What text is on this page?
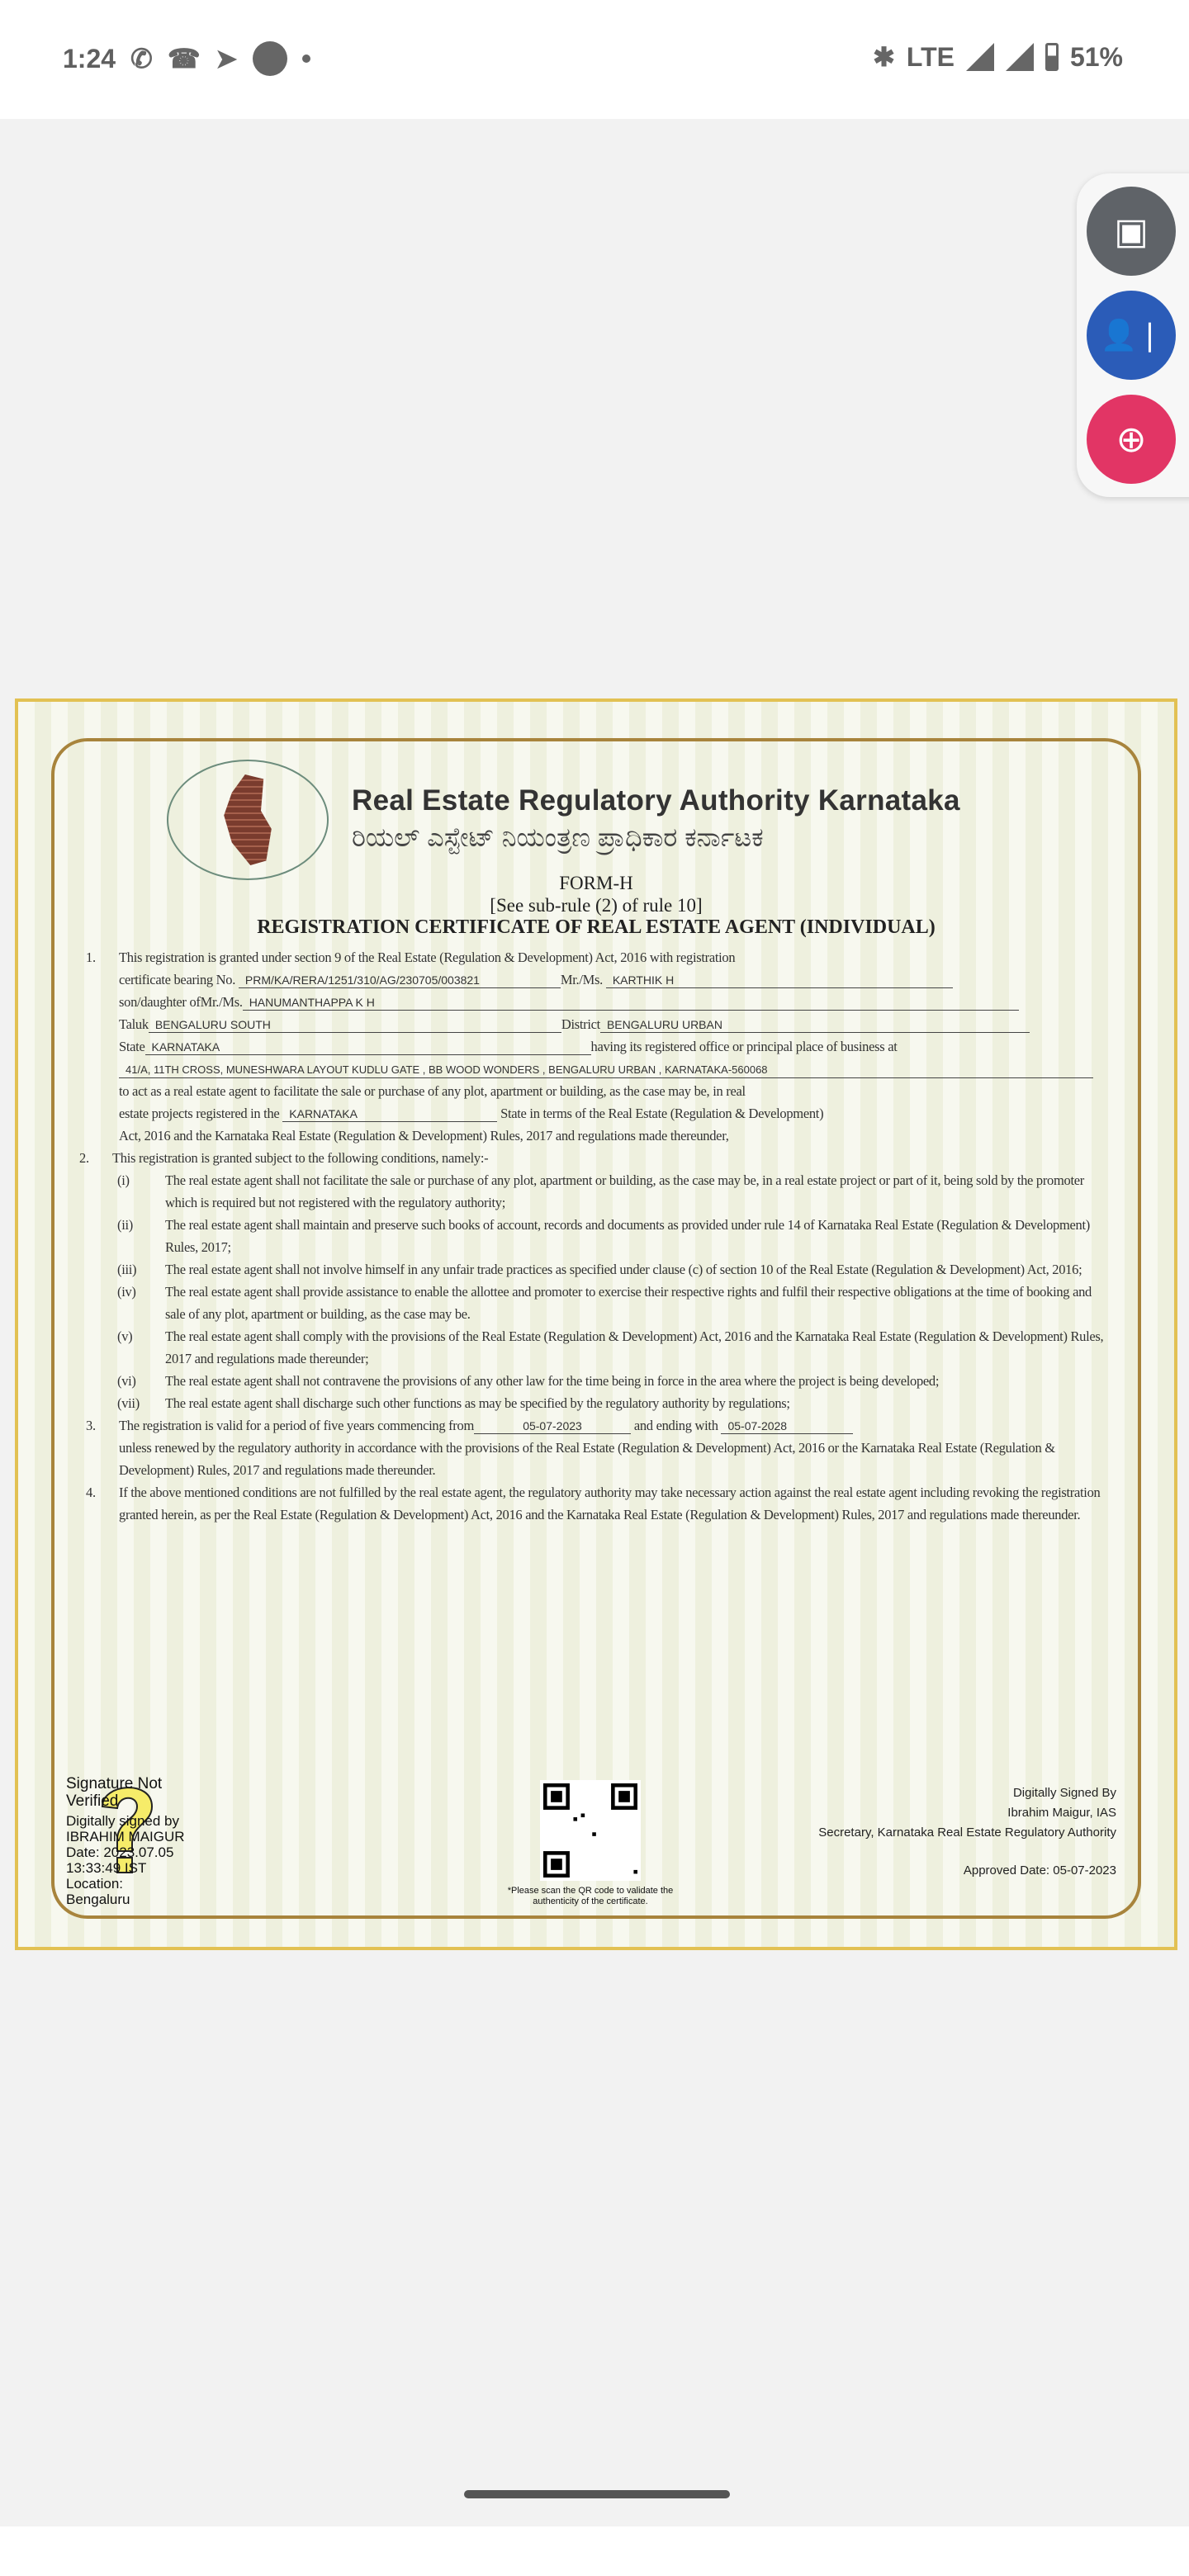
1:24 ✆ ☎ ➤	✱ LTE	51%
▣
👤❘
⊕
Real Estate Regulatory Authority Karnataka
ರಿಯಲ್ ಎಸ್ಟೇಟ್ ನಿಯಂತ್ರಣ ಪ್ರಾಧಿಕಾರ ಕರ್ನಾಟಕ
FORM-H
[See sub-rule (2) of rule 10]
REGISTRATION CERTIFICATE OF REAL ESTATE AGENT (INDIVIDUAL)
1.	This registration is granted under section 9 of the Real Estate (Regulation & Development) Act, 2016 with registration
certificate bearing No. PRM/KA/RERA/1251/310/AG/230705/003821	Mr./Ms. KARTHIK H
son/daughter ofMr./Ms. HANUMANTHAPPA K H
Taluk BENGALURU SOUTH	District BENGALURU URBAN
State KARNATAKA	having its registered office or principal place of business at
41/A, 11TH CROSS, MUNESHWARA LAYOUT KUDLU GATE , BB WOOD WONDERS , BENGALURU URBAN , KARNATAKA-560068
to act as a real estate agent to facilitate the sale or purchase of any plot, apartment or building, as the case may be, in real
estate projects registered in the KARNATAKA	State in terms of the Real Estate (Regulation & Development)
Act, 2016 and the Karnataka Real Estate (Regulation & Development) Rules, 2017 and regulations made thereunder,
2.	This registration is granted subject to the following conditions, namely:-
(i)	The real estate agent shall not facilitate the sale or purchase of any plot, apartment or building, as the case may be, in a real estate project or part of it, being sold by the promoter which is required but not registered with the regulatory authority;
(ii)	The real estate agent shall maintain and preserve such books of account, records and documents as provided under rule 14 of Karnataka Real Estate (Regulation & Development) Rules, 2017;
(iii)	The real estate agent shall not involve himself in any unfair trade practices as specified under clause (c) of section 10 of the Real Estate (Regulation & Development) Act, 2016;
(iv)	The real estate agent shall provide assistance to enable the allottee and promoter to exercise their respective rights and fulfil their respective obligations at the time of booking and sale of any plot, apartment or building, as the case may be.
(v)	The real estate agent shall comply with the provisions of the Real Estate (Regulation & Development) Act, 2016 and the Karnataka Real Estate (Regulation & Development) Rules, 2017 and regulations made thereunder;
(vi)	The real estate agent shall not contravene the provisions of any other law for the time being in force in the area where the project is being developed;
(vii)	The real estate agent shall discharge such other functions as may be specified by the regulatory authority by regulations;
3.	The registration is valid for a period of five years commencing from	05-07-2023	and ending with 05-07-2028
unless renewed by the regulatory authority in accordance with the provisions of the Real Estate (Regulation & Development) Act, 2016 or the Karnataka Real Estate (Regulation & Development) Rules, 2017 and regulations made thereunder.
4.	If the above mentioned conditions are not fulfilled by the real estate agent, the regulatory authority may take necessary action against the real estate agent including revoking the registration granted herein, as per the Real Estate (Regulation & Development) Act, 2016 and the Karnataka Real Estate (Regulation & Development) Rules, 2017 and regulations made thereunder.
Signature Not Verified
Digitally signed by
IBRAHIM MAIGUR
Date: 2023.07.05
13:33:49 IST
Location:
Bengaluru
*Please scan the QR code to validate the authenticity of the certificate.
Digitally Signed By
Ibrahim Maigur, IAS
Secretary, Karnataka Real Estate Regulatory Authority
Approved Date: 05-07-2023
